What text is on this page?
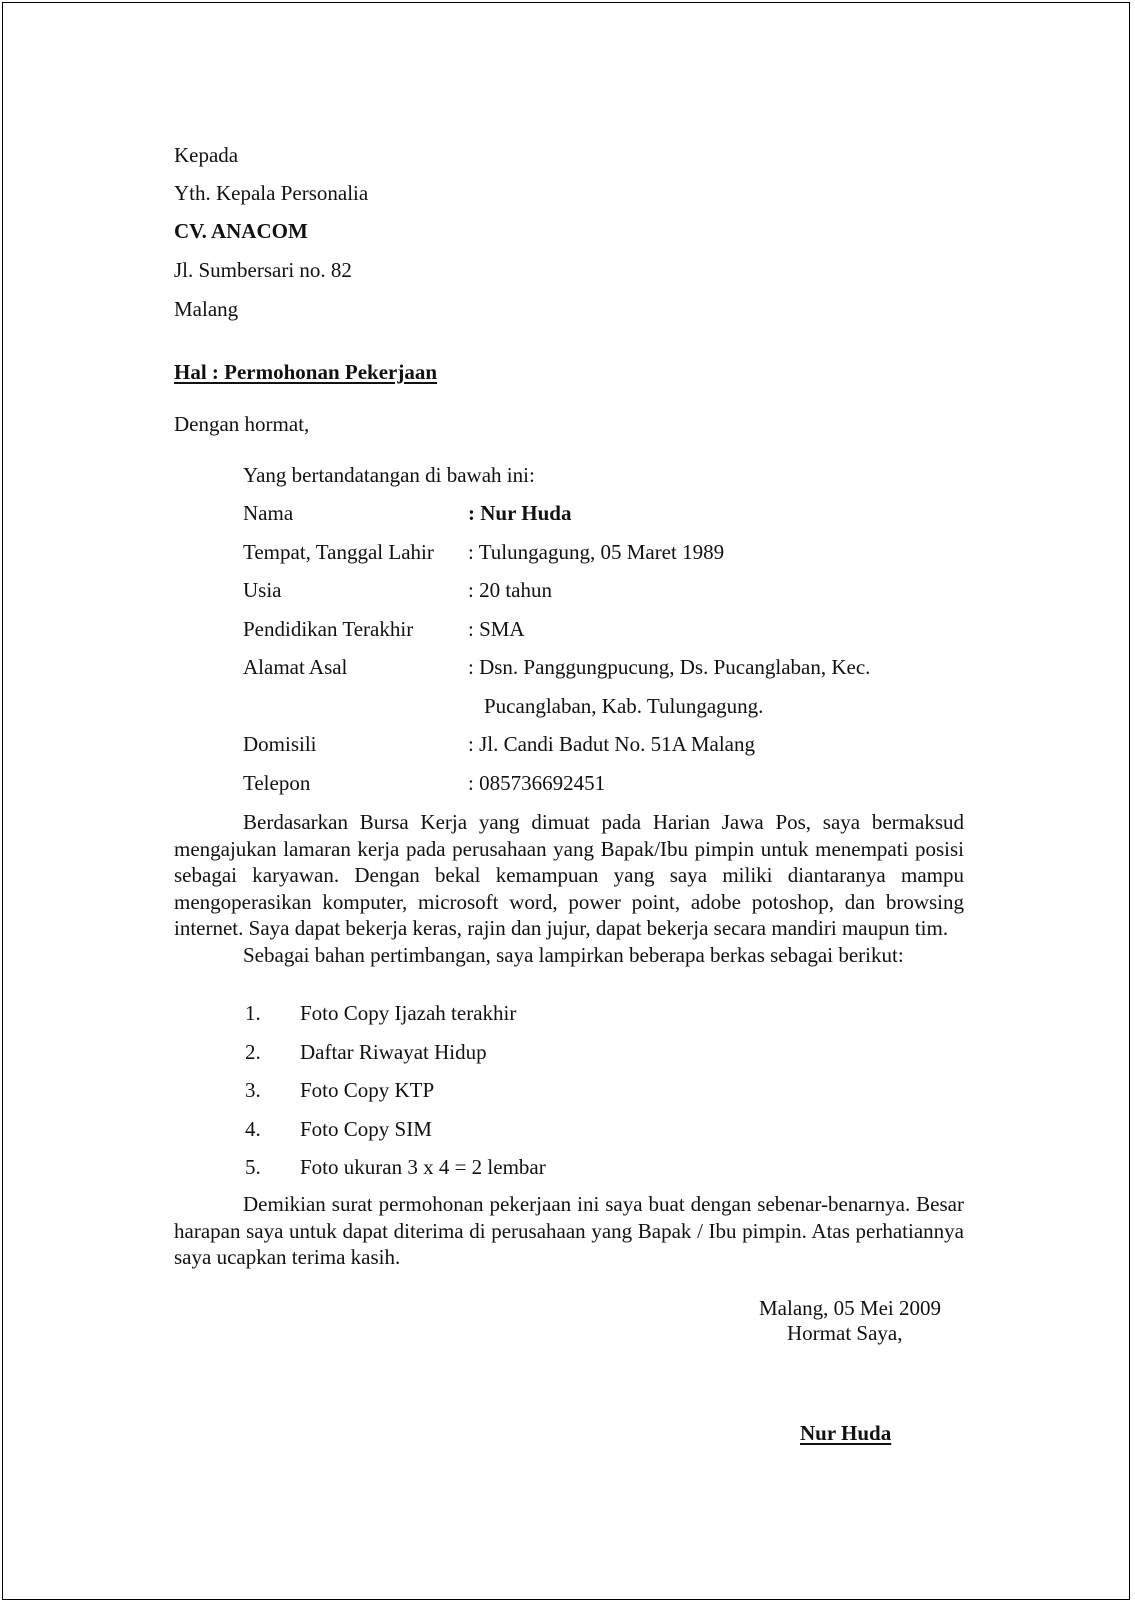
Kepada
Yth. Kepala Personalia
CV. ANACOM
Jl. Sumbersari no. 82
Malang
Hal : Permohonan Pekerjaan
Dengan hormat,
Yang bertandatangan di bawah ini:
Nama	: Nur Huda
Tempat, Tanggal Lahir : Tulungagung, 05 Maret 1989
Usia	: 20 tahun
Pendidikan Terakhir	: SMA
Alamat Asal	: Dsn. Panggungpucung, Ds. Pucanglaban, Kec.
Pucanglaban, Kab. Tulungagung.
Domisili	: Jl. Candi Badut No. 51A Malang
Telepon	: 085736692451

Berdasarkan Bursa Kerja yang dimuat pada Harian Jawa Pos, saya bermaksud mengajukan lamaran kerja pada perusahaan yang Bapak/Ibu pimpin untuk menempati posisi sebagai karyawan. Dengan bekal kemampuan yang saya miliki diantaranya mampu mengoperasikan komputer, microsoft word, power point, adobe potoshop, dan browsing internet. Saya dapat bekerja keras, rajin dan jujur, dapat bekerja secara mandiri maupun tim.

Sebagai bahan pertimbangan, saya lampirkan beberapa berkas sebagai berikut:

1. Foto Copy Ijazah terakhir
2. Daftar Riwayat Hidup
3. Foto Copy KTP
4. Foto Copy SIM
5. Foto ukuran 3 x 4 = 2 lembar

Demikian surat permohonan pekerjaan ini saya buat dengan sebenar-benarnya. Besar harapan saya untuk dapat diterima di perusahaan yang Bapak / Ibu pimpin. Atas perhatiannya saya ucapkan terima kasih.

Malang, 05 Mei 2009
Hormat Saya,
Nur Huda
